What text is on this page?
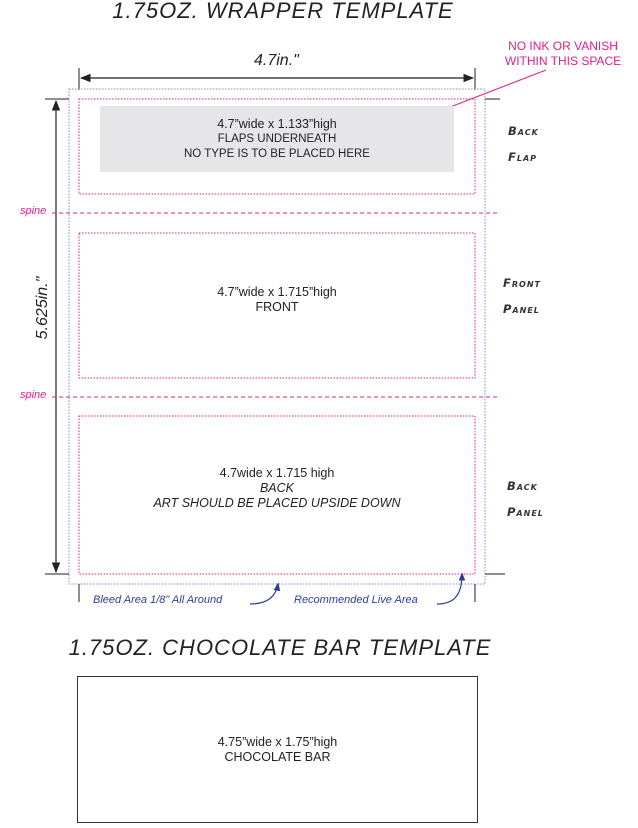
1.75OZ. WRAPPER TEMPLATE
4.7in."
5.625in."
NO INK OR VANISH
WITHIN THIS SPACE
4.7”wide x 1.133”high
FLAPS UNDERNEATH
NO TYPE IS TO BE PLACED HERE
4.7”wide x 1.715”high
FRONT
4.7wide x 1.715 high
BACK
ART SHOULD BE PLACED UPSIDE DOWN
Back
Flap
Front
Panel
Back
Panel
spine
spine
Bleed Area 1/8" All Around	Recommended Live Area
1.75OZ. CHOCOLATE BAR TEMPLATE
4.75”wide x 1.75”high
CHOCOLATE BAR
